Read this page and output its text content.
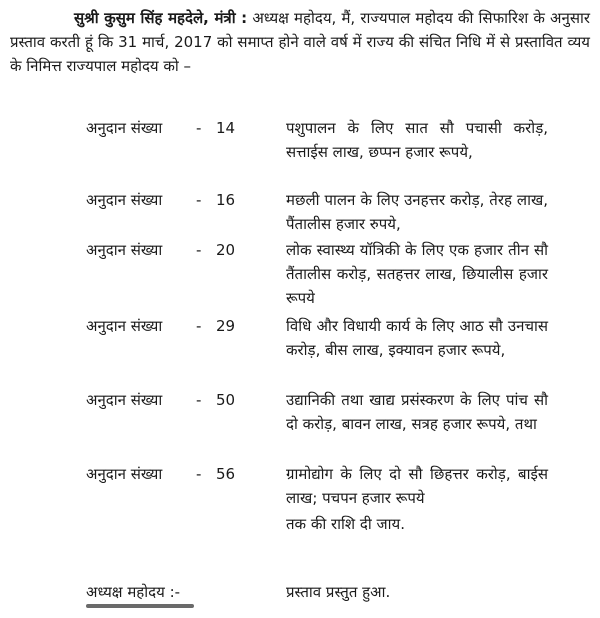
सुश्री कुसुम सिंह महदेले, मंत्री : अध्यक्ष महोदय, मैं, राज्यपाल महोदय की सिफारिश के अनुसार प्रस्ताव करती हूं कि 31 मार्च, 2017 को समाप्त होने वाले वर्ष में राज्य की संचित निधि में से प्रस्तावित व्यय के निमित्त राज्यपाल महोदय को –

अनुदान संख्या - 14	पशुपालन के लिए सात सौ पचासी करोड़, सत्ताईस लाख, छप्पन हजार रूपये,
अनुदान संख्या - 16	मछली पालन के लिए उनहत्तर करोड़, तेरह लाख, पैंतालीस हजार रुपये,
अनुदान संख्या - 20	लोक स्वास्थ्य यॉत्रिकी के लिए एक हजार तीन सौ तैंतालीस करोड़, सतहत्तर लाख, छियालीस हजार रूपये
अनुदान संख्या - 29	विधि और विधायी कार्य के लिए आठ सौ उनचास करोड़, बीस लाख, इक्यावन हजार रूपये,
अनुदान संख्या - 50	उद्यानिकी तथा खाद्य प्रसंस्करण के लिए पांच सौ दो करोड़, बावन लाख, सत्रह हजार रूपये, तथा
अनुदान संख्या - 56	ग्रामोद्योग के लिए दो सौ छिहत्तर करोड़, बाईस लाख; पचपन हजार रूपये
तक की राशि दी जाय.
अध्यक्ष महोदय :-	प्रस्ताव प्रस्तुत हुआ.
